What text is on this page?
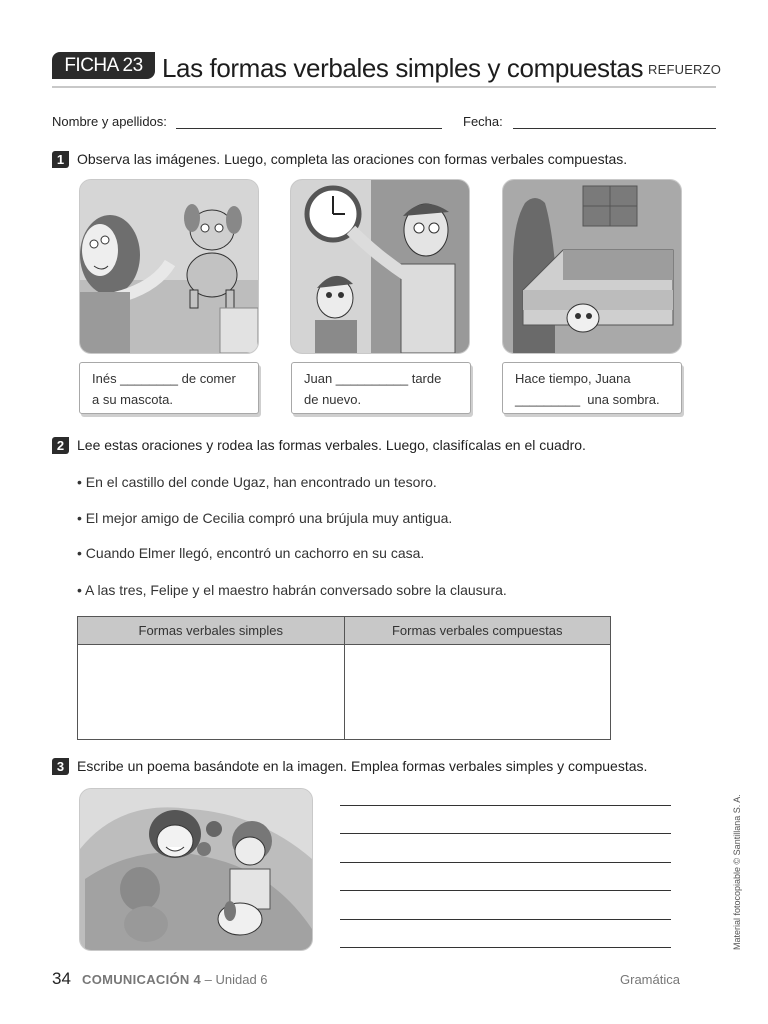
FICHA 23 Las formas verbales simples y compuestas REFUERZO
Nombre y apellidos:	Fecha:
1 Observa las imágenes. Luego, completa las oraciones con formas verbales compuestas.

Inés ________ de comer

a su mascota.

Juan __________ tarde

de nuevo.

Hace tiempo, Juana

_________  una sombra.

2 Lee estas oraciones y rodea las formas verbales. Luego, clasifícalas en el cuadro.
• En el castillo del conde Ugaz, han encontrado un tesoro.
• El mejor amigo de Cecilia compró una brújula muy antigua.
• Cuando Elmer llegó, encontró un cachorro en su casa.
• A las tres, Felipe y el maestro habrán conversado sobre la clausura.
Formas verbales simples	Formas verbales compuestas

3 Escribe un poema basándote en la imagen. Emplea formas verbales simples y compuestas.
Material fotocopiable © Santillana S. A.
34 COMUNICACIÓN 4 – Unidad 6	Gramática
